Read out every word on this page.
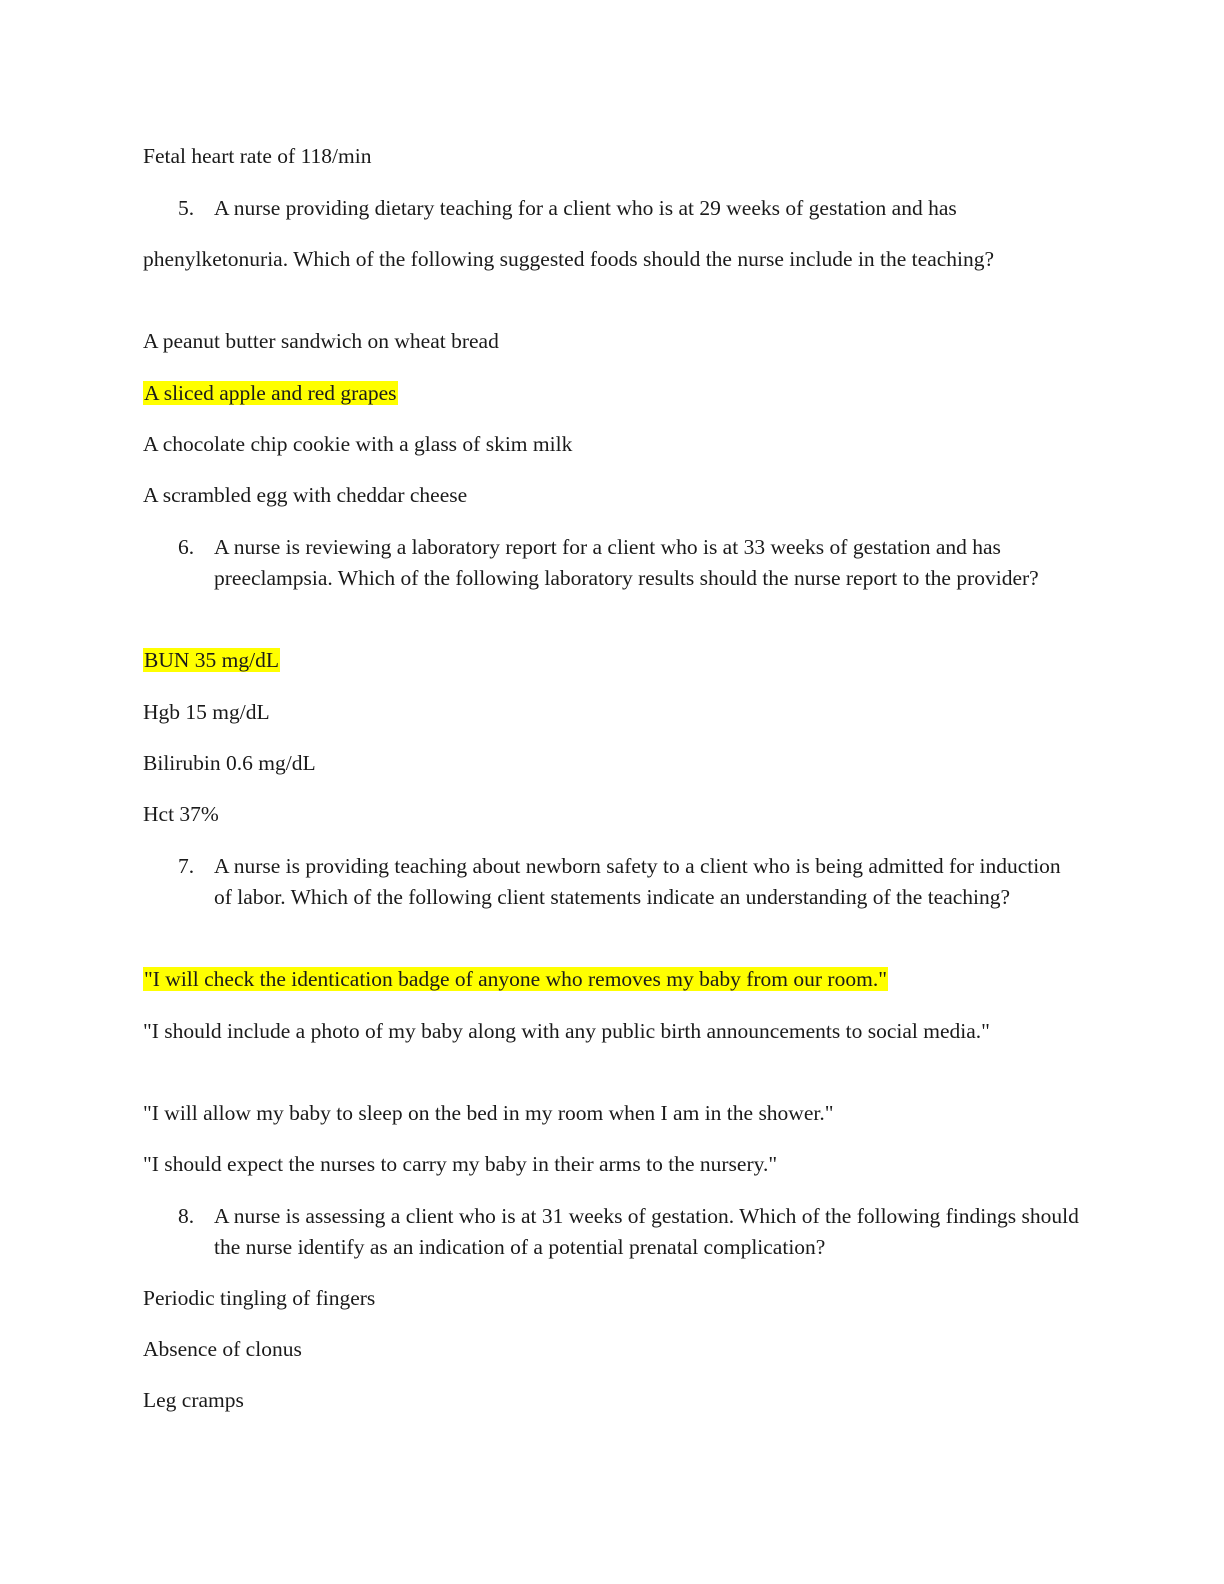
Fetal heart rate of 118/min
5. A nurse providing dietary teaching for a client who is at 29 weeks of gestation and has
phenylketonuria. Which of the following suggested foods should the nurse include in the teaching?
A peanut butter sandwich on wheat bread
A sliced apple and red grapes
A chocolate chip cookie with a glass of skim milk
A scrambled egg with cheddar cheese
6. A nurse is reviewing a laboratory report for a client who is at 33 weeks of gestation and has preeclampsia. Which of the following laboratory results should the nurse report to the provider?
BUN 35 mg/dL
Hgb 15 mg/dL
Bilirubin 0.6 mg/dL
Hct 37%
7. A nurse is providing teaching about newborn safety to a client who is being admitted for induction of labor. Which of the following client statements indicate an understanding of the teaching?
"I will check the identication badge of anyone who removes my baby from our room."
"I should include a photo of my baby along with any public birth announcements to social media."
"I will allow my baby to sleep on the bed in my room when I am in the shower."
"I should expect the nurses to carry my baby in their arms to the nursery."
8. A nurse is assessing a client who is at 31 weeks of gestation. Which of the following findings should the nurse identify as an indication of a potential prenatal complication?
Periodic tingling of fingers
Absence of clonus
Leg cramps
